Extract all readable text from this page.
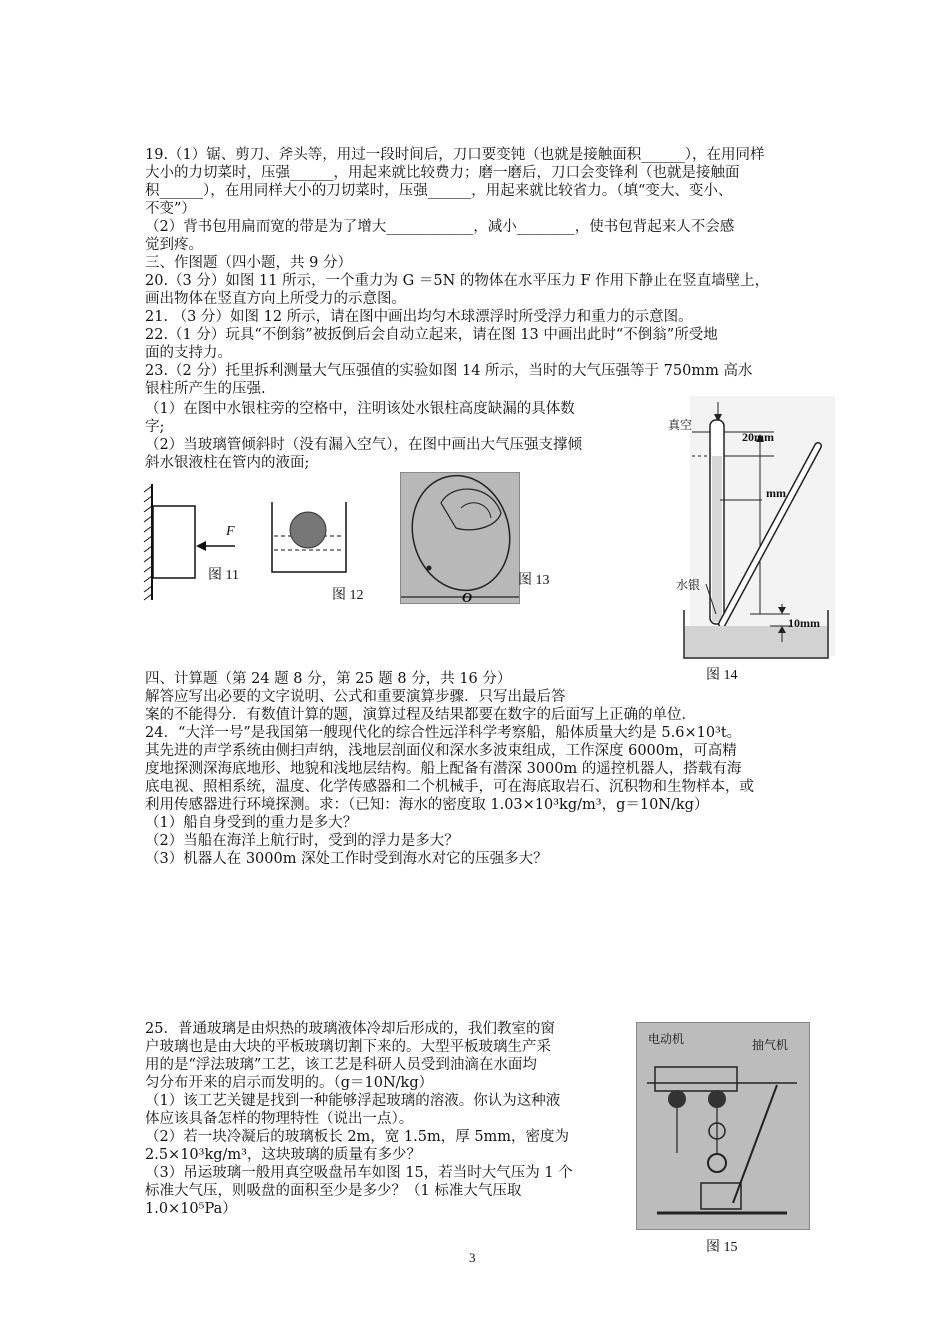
19.（1）锯、剪刀、斧头等，用过一段时间后，刀口要变钝（也就是接触面积______），在用同样
大小的力切菜时，压强______，用起来就比较费力；磨一磨后，刀口会变锋利（也就是接触面
积______），在用同样大小的刀切菜时，压强______，用起来就比较省力。（填“变大、变小、
不变”）
（2）背书包用扁而宽的带是为了增大____________，减小________，使书包背起来人不会感
觉到疼。
三、作图题（四小题，共 9 分）
20.（3 分）如图 11 所示，一个重力为 G ＝5N 的物体在水平压力 F 作用下静止在竖直墙壁上，
画出物体在竖直方向上所受力的示意图。
21. （3 分）如图 12 所示，请在图中画出均匀木球漂浮时所受浮力和重力的示意图。
22.（1 分）玩具“不倒翁”被扳倒后会自动立起来，请在图 13 中画出此时“不倒翁”所受地
面的支持力。
23.（2 分）托里拆利测量大气压强值的实验如图 14 所示，当时的大气压强等于 750mm 高水
银柱所产生的压强.
（1）在图中水银柱旁的空格中，注明该处水银柱高度缺漏的具体数
字;
（2）当玻璃管倾斜时（没有漏入空气），在图中画出大气压强支撑倾
斜水银液柱在管内的液面;
F
图 11
图 12	O
图 13
真空
20mm
mm
水银
10mm
图 14
四、计算题（第 24 题 8 分，第 25 题 8 分，共 16 分）
解答应写出必要的文字说明、公式和重要演算步骤．只写出最后答
案的不能得分．有数值计算的题，演算过程及结果都要在数字的后面写上正确的单位．
24．“大洋一号”是我国第一艘现代化的综合性远洋科学考察船，船体质量大约是 5.6×10³t。
其先进的声学系统由侧扫声纳，浅地层剖面仪和深水多波束组成，工作深度 6000m，可高精
度地探测深海底地形、地貌和浅地层结构。船上配备有潜深 3000m 的遥控机器人，搭载有海
底电视、照相系统，温度、化学传感器和二个机械手，可在海底取岩石、沉积物和生物样本，或
利用传感器进行环境探测。求：（已知：海水的密度取 1.03×10³kg/m³，g＝10N/kg）
（1）船自身受到的重力是多大？
（2）当船在海洋上航行时，受到的浮力是多大？
（3）机器人在 3000m 深处工作时受到海水对它的压强多大？
25．普通玻璃是由炽热的玻璃液体冷却后形成的，我们教室的窗
户玻璃也是由大块的平板玻璃切割下来的。大型平板玻璃生产采
用的是“浮法玻璃”工艺，该工艺是科研人员受到油滴在水面均
匀分布开来的启示而发明的。（g＝10N/kg）
（1）该工艺关键是找到一种能够浮起玻璃的溶液。你认为这种液
体应该具备怎样的物理特性（说出一点）。
（2）若一块冷凝后的玻璃板长 2m，宽 1.5m，厚 5mm，密度为
2.5×10³kg/m³，这块玻璃的质量有多少？
（3）吊运玻璃一般用真空吸盘吊车如图 15，若当时大气压为 1 个
标准大气压，则吸盘的面积至少是多少？（1 标准大气压取
1.0×10⁵Pa）
电动机	抽气机
图 15
3
